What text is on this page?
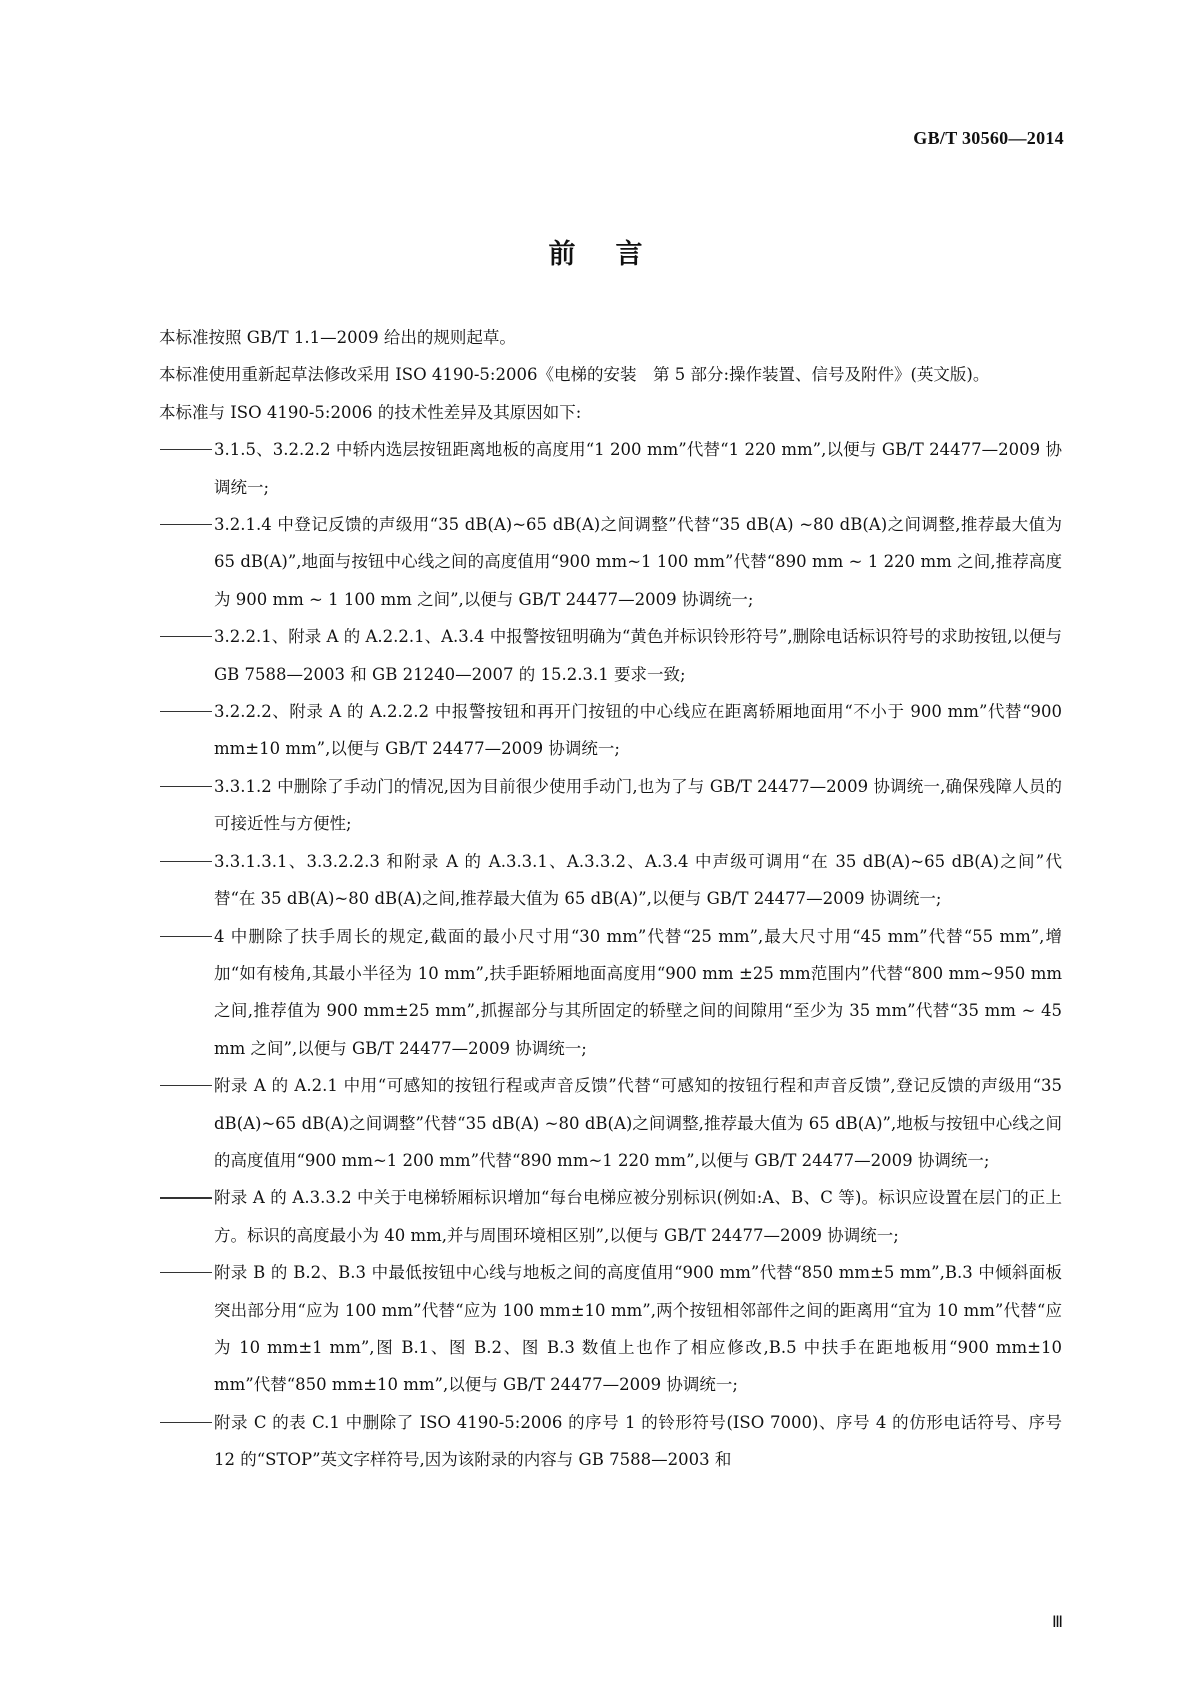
GB/T 30560—2014
前言

本标准按照 GB/T 1.1—2009 给出的规则起草。

本标准使用重新起草法修改采用 ISO 4190-5:2006《电梯的安装　第 5 部分:操作装置、信号及附件》(英文版)。

本标准与 ISO 4190-5:2006 的技术性差异及其原因如下:

3.1.5、3.2.2.2 中轿内选层按钮距离地板的高度用“1 200 mm”代替“1 220 mm”,以便与 GB/T 24477—2009 协调统一;
3.2.1.4 中登记反馈的声级用“35 dB(A)~65 dB(A)之间调整”代替“35 dB(A) ~80 dB(A)之间调整,推荐最大值为 65 dB(A)”,地面与按钮中心线之间的高度值用“900 mm~1 100 mm”代替“890 mm ~ 1 220 mm 之间,推荐高度为 900 mm ~ 1 100 mm 之间”,以便与 GB/T 24477—2009 协调统一;
3.2.2.1、附录 A 的 A.2.2.1、A.3.4 中报警按钮明确为“黄色并标识铃形符号”,删除电话标识符号的求助按钮,以便与 GB 7588—2003 和 GB 21240—2007 的 15.2.3.1 要求一致;
3.2.2.2、附录 A 的 A.2.2.2 中报警按钮和再开门按钮的中心线应在距离轿厢地面用“不小于 900 mm”代替“900 mm±10 mm”,以便与 GB/T 24477—2009 协调统一;
3.3.1.2 中删除了手动门的情况,因为目前很少使用手动门,也为了与 GB/T 24477—2009 协调统一,确保残障人员的可接近性与方便性;
3.3.1.3.1、3.3.2.2.3 和附录 A 的 A.3.3.1、A.3.3.2、A.3.4 中声级可调用“在 35 dB(A)~65 dB(A)之间”代替“在 35 dB(A)~80 dB(A)之间,推荐最大值为 65 dB(A)”,以便与 GB/T 24477—2009 协调统一;
4 中删除了扶手周长的规定,截面的最小尺寸用“30 mm”代替“25 mm”,最大尺寸用“45 mm”代替“55 mm”,增加“如有棱角,其最小半径为 10 mm”,扶手距轿厢地面高度用“900 mm ±25 mm范围内”代替“800 mm~950 mm 之间,推荐值为 900 mm±25 mm”,抓握部分与其所固定的轿壁之间的间隙用“至少为 35 mm”代替“35 mm ~ 45 mm 之间”,以便与 GB/T 24477—2009 协调统一;
附录 A 的 A.2.1 中用“可感知的按钮行程或声音反馈”代替“可感知的按钮行程和声音反馈”,登记反馈的声级用“35 dB(A)~65 dB(A)之间调整”代替“35 dB(A) ~80 dB(A)之间调整,推荐最大值为 65 dB(A)”,地板与按钮中心线之间的高度值用“900 mm~1 200 mm”代替“890 mm~1 220 mm”,以便与 GB/T 24477—2009 协调统一;
附录 A 的 A.3.3.2 中关于电梯轿厢标识增加“每台电梯应被分别标识(例如:A、B、C 等)。标识应设置在层门的正上方。标识的高度最小为 40 mm,并与周围环境相区别”,以便与 GB/T 24477—2009 协调统一;
附录 B 的 B.2、B.3 中最低按钮中心线与地板之间的高度值用“900 mm”代替“850 mm±5 mm”,B.3 中倾斜面板突出部分用“应为 100 mm”代替“应为 100 mm±10 mm”,两个按钮相邻部件之间的距离用“宜为 10 mm”代替“应为 10 mm±1 mm”,图 B.1、图 B.2、图 B.3 数值上也作了相应修改,B.5 中扶手在距地板用“900 mm±10 mm”代替“850 mm±10 mm”,以便与 GB/T 24477—2009 协调统一;
附录 C 的表 C.1 中删除了 ISO 4190-5:2006 的序号 1 的铃形符号(ISO 7000)、序号 4 的仿形电话符号、序号 12 的“STOP”英文字样符号,因为该附录的内容与 GB 7588—2003 和
Ⅲ
